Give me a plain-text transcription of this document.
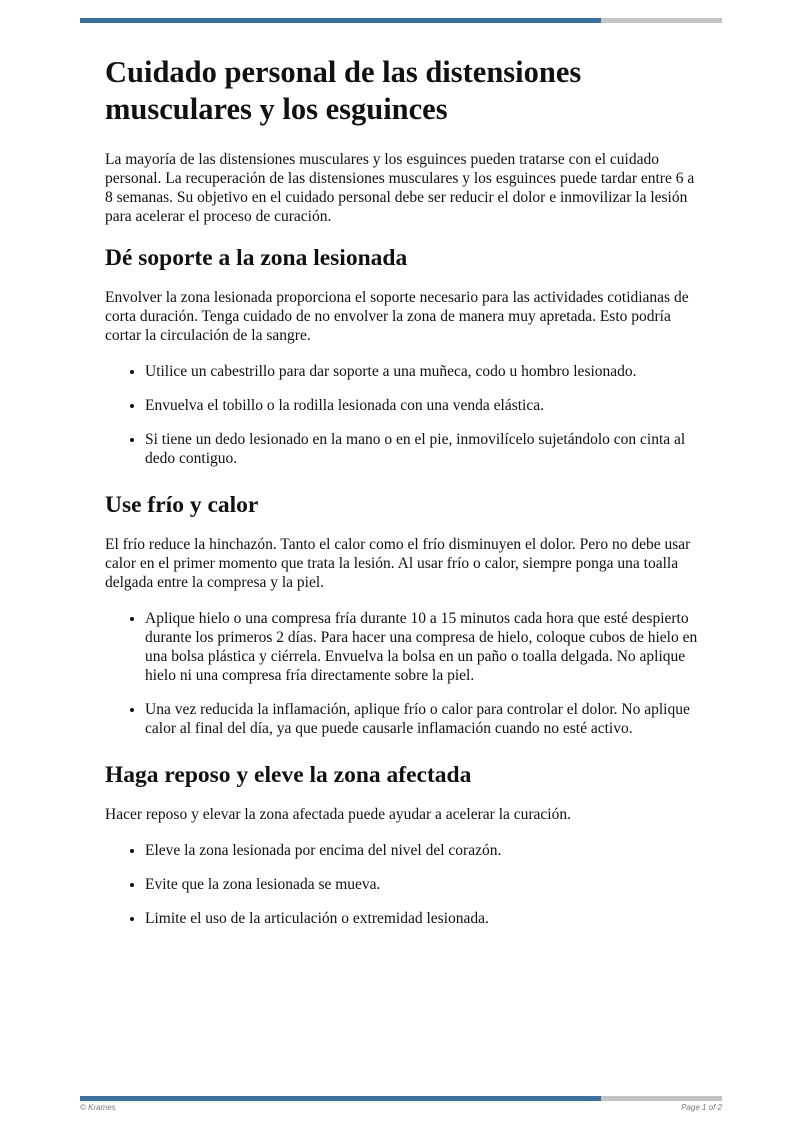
Cuidado personal de las distensiones musculares y los esguinces

La mayoría de las distensiones musculares y los esguinces pueden tratarse con el cuidado personal. La recuperación de las distensiones musculares y los esguinces puede tardar entre 6 a 8 semanas. Su objetivo en el cuidado personal debe ser reducir el dolor e inmovilizar la lesión para acelerar el proceso de curación.

Dé soporte a la zona lesionada

Envolver la zona lesionada proporciona el soporte necesario para las actividades cotidianas de corta duración. Tenga cuidado de no envolver la zona de manera muy apretada. Esto podría cortar la circulación de la sangre.

• Utilice un cabestrillo para dar soporte a una muñeca, codo u hombro lesionado.
• Envuelva el tobillo o la rodilla lesionada con una venda elástica.
• Si tiene un dedo lesionado en la mano o en el pie, inmovilícelo sujetándolo con cinta al dedo contiguo.
Use frío y calor

El frío reduce la hinchazón. Tanto el calor como el frío disminuyen el dolor. Pero no debe usar calor en el primer momento que trata la lesión. Al usar frío o calor, siempre ponga una toalla delgada entre la compresa y la piel.

• Aplique hielo o una compresa fría durante 10 a 15 minutos cada hora que esté despierto durante los primeros 2 días. Para hacer una compresa de hielo, coloque cubos de hielo en una bolsa plástica y ciérrela. Envuelva la bolsa en un paño o toalla delgada. No aplique hielo ni una compresa fría directamente sobre la piel.
• Una vez reducida la inflamación, aplique frío o calor para controlar el dolor. No aplique calor al final del día, ya que puede causarle inflamación cuando no esté activo.
Haga reposo y eleve la zona afectada

Hacer reposo y elevar la zona afectada puede ayudar a acelerar la curación.

• Eleve la zona lesionada por encima del nivel del corazón.
• Evite que la zona lesionada se mueva.
• Limite el uso de la articulación o extremidad lesionada.
© Krames	Page 1 of 2
